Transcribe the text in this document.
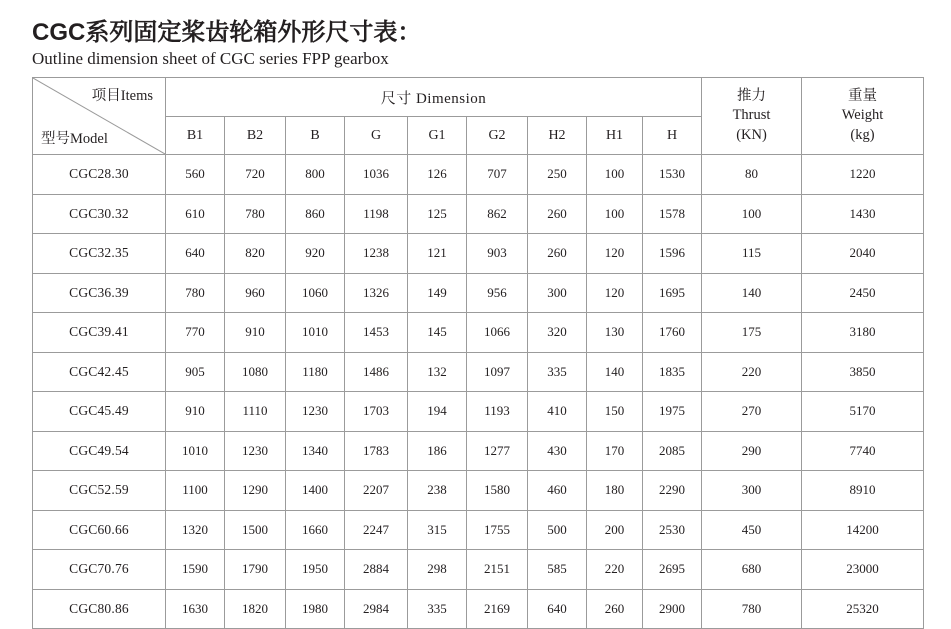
CGC系列固定桨齿轮箱外形尺寸表：
Outline dimension sheet of CGC series FPP gearbox
项目Items
型号Model
	尺寸 Dimension	推力
Thrust
(KN)

重量
Weight
(kg)

	B1	B2	B	G	G1	G2	H2	H1	H		
CGC28.30	560	720	800	1036	126	707	250	100	1530	80	1220
CGC30.32	610	780	860	1198	125	862	260	100	1578	100	1430
CGC32.35	640	820	920	1238	121	903	260	120	1596	115	2040
CGC36.39	780	960	1060	1326	149	956	300	120	1695	140	2450
CGC39.41	770	910	1010	1453	145	1066	320	130	1760	175	3180
CGC42.45	905	1080	1180	1486	132	1097	335	140	1835	220	3850
CGC45.49	910	1110	1230	1703	194	1193	410	150	1975	270	5170
CGC49.54	1010	1230	1340	1783	186	1277	430	170	2085	290	7740
CGC52.59	1100	1290	1400	2207	238	1580	460	180	2290	300	8910
CGC60.66	1320	1500	1660	2247	315	1755	500	200	2530	450	14200
CGC70.76	1590	1790	1950	2884	298	2151	585	220	2695	680	23000
CGC80.86	1630	1820	1980	2984	335	2169	640	260	2900	780	25320
